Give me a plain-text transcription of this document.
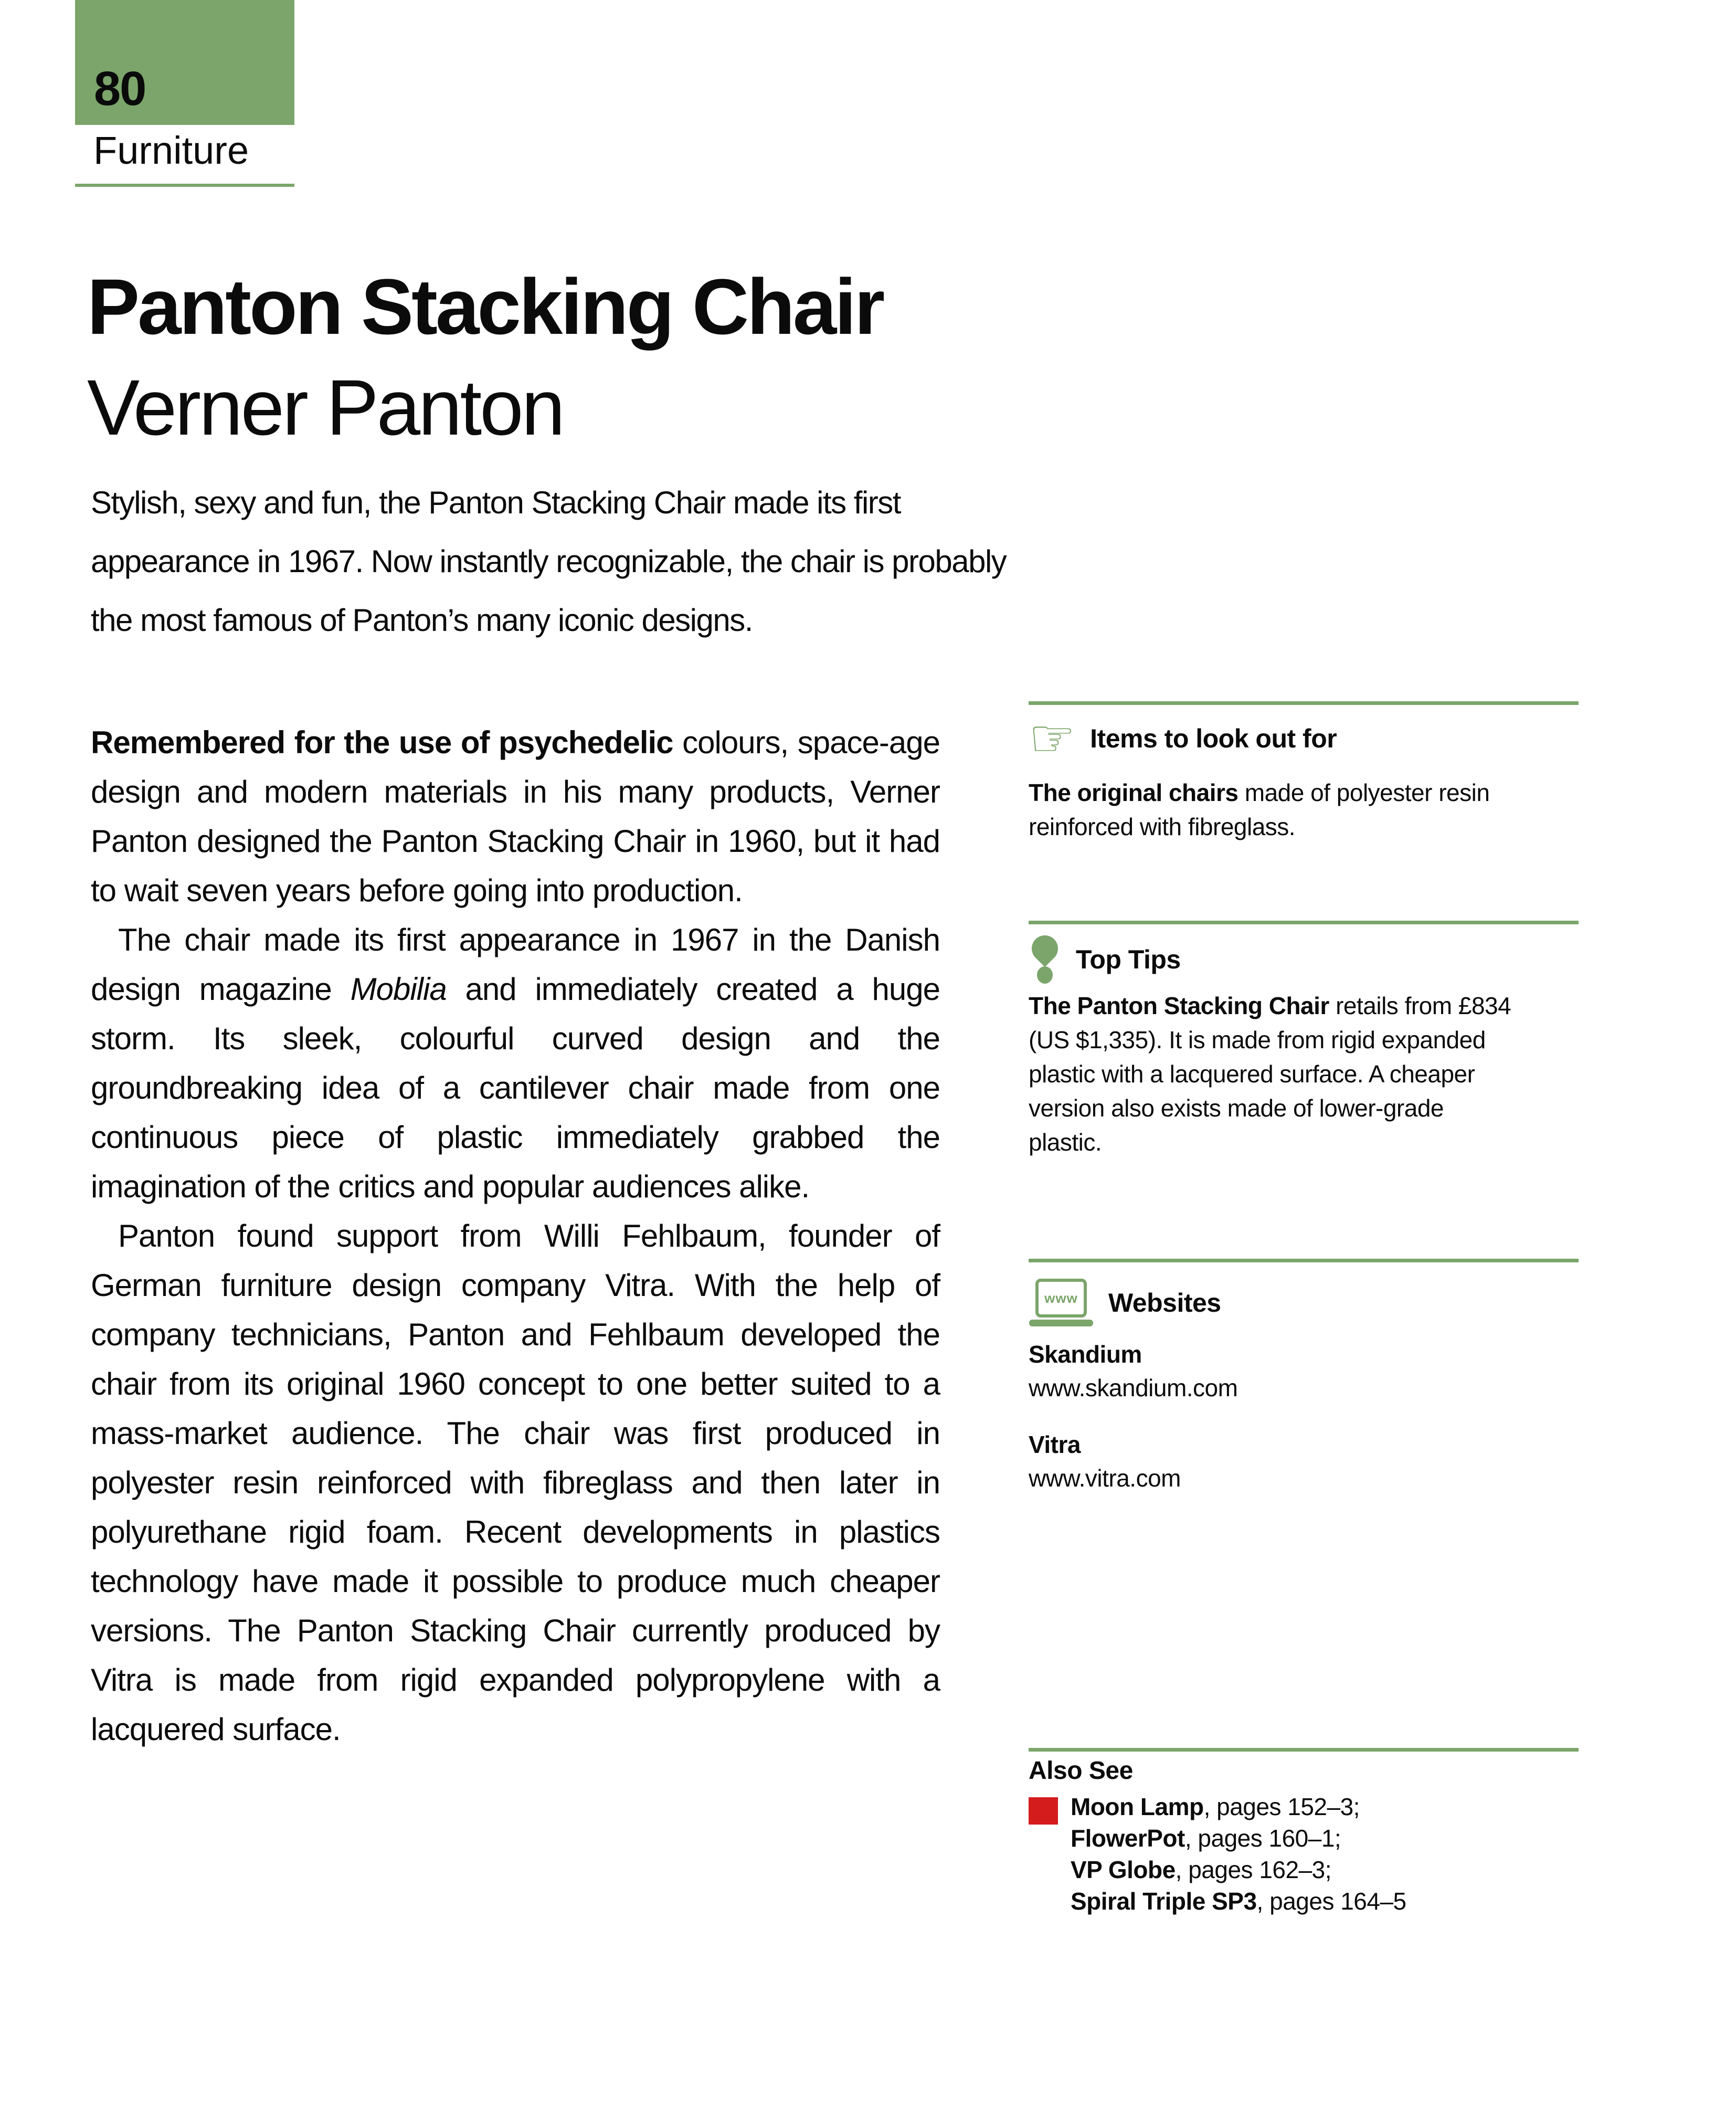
80
Furniture
Panton Stacking Chair
Verner Panton

Stylish, sexy and fun, the Panton Stacking Chair made its first appearance in 1967. Now instantly recognizable, the chair is probably the most famous of Panton’s many iconic designs.

Remembered for the use of psychedelic colours, space-age design and modern materials in his many products, Verner Panton designed the Panton Stacking Chair in 1960, but it had to wait seven years before going into production.

The chair made its first appearance in 1967 in the Danish design magazine Mobilia and immediately created a huge storm. Its sleek, colourful curved design and the groundbreaking idea of a cantilever chair made from one continuous piece of plastic immediately grabbed the imagination of the critics and popular audiences alike.

Panton found support from Willi Fehlbaum, founder of German furniture design company Vitra. With the help of company technicians, Panton and Fehlbaum developed the chair from its original 1960 concept to one better suited to a mass-market audience. The chair was first produced in polyester resin reinforced with fibreglass and then later in polyurethane rigid foam. Recent developments in plastics technology have made it possible to produce much cheaper versions. The Panton Stacking Chair currently produced by Vitra is made from rigid expanded polypropylene with a lacquered surface.

☞ Items to look out for

The original chairs made of polyester resin reinforced with fibreglass.

Top Tips

The Panton Stacking Chair retails from £834 (US $1,335). It is made from rigid expanded plastic with a lacquered surface. A cheaper version also exists made of lower-grade plastic.

www Websites
Skandium
www.skandium.com
Vitra
www.vitra.com
Also See
Moon Lamp, pages 152–3;
FlowerPot, pages 160–1;
VP Globe, pages 162–3;
Spiral Triple SP3, pages 164–5
